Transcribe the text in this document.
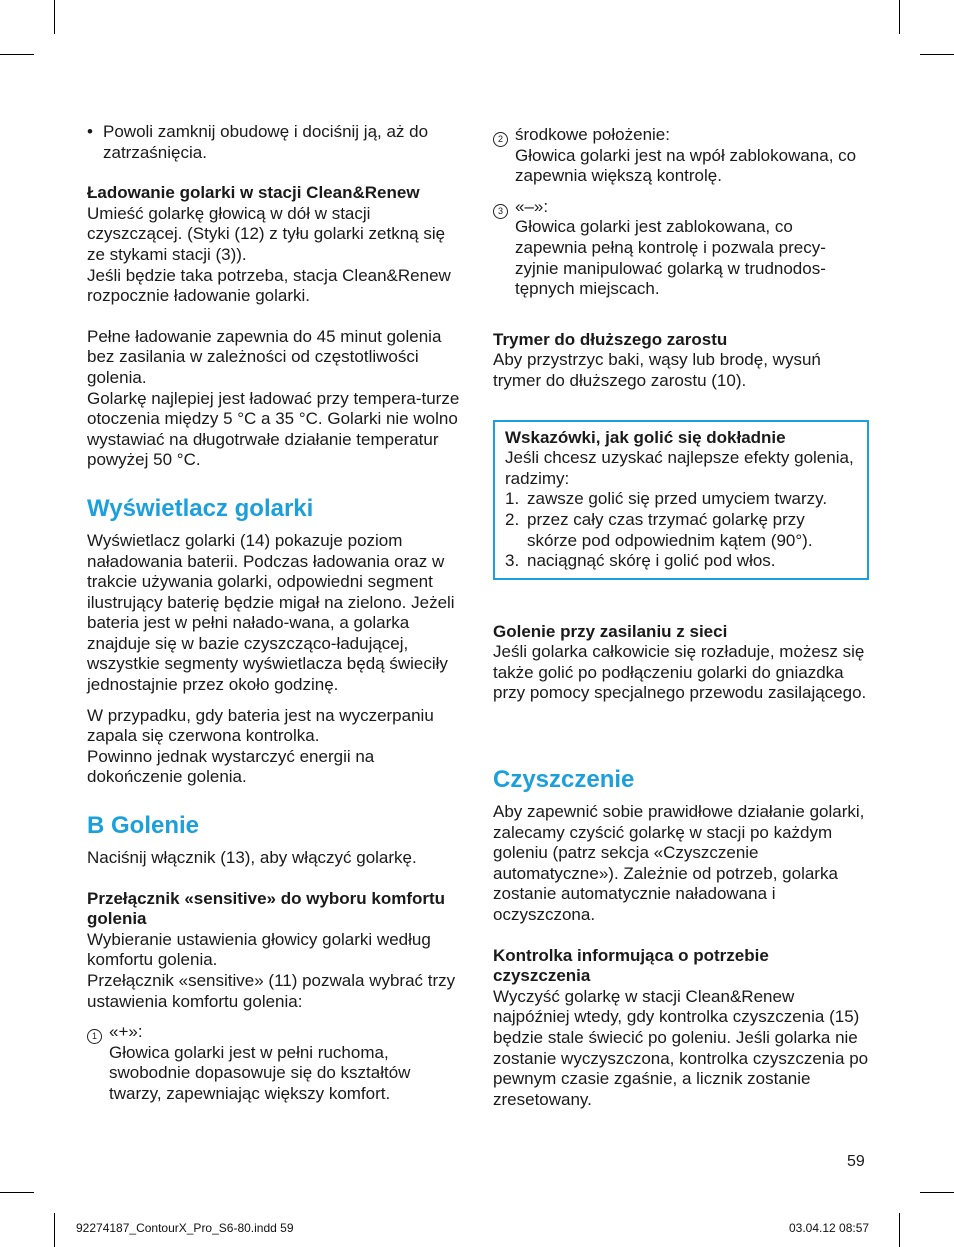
• Powoli zamknij obudowę i dociśnij ją, aż do zatrzaśnięcia.

Ładowanie golarki w stacji Clean&Renew

Umieść golarkę głowicą w dół w stacji czyszczącej. (Styki (12) z tyłu golarki zetkną się ze stykami stacji (3)).

Jeśli będzie taka potrzeba, stacja Clean&Renew rozpocznie ładowanie golarki.

Pełne ładowanie zapewnia do 45 minut golenia bez zasilania w zależności od częstotliwości golenia.

Golarkę najlepiej jest ładować przy tempera-turze otoczenia między 5 °C a 35 °C. Golarki nie wolno wystawiać na długotrwałe działanie temperatur powyżej 50 °C.

Wyświetlacz golarki

Wyświetlacz golarki (14) pokazuje poziom naładowania baterii. Podczas ładowania oraz w trakcie używania golarki, odpowiedni segment ilustrujący baterię będzie migał na zielono. Jeżeli bateria jest w pełni nałado-wana, a golarka znajduje się w bazie czyszcząco-ładującej, wszystkie segmenty wyświetlacza będą świeciły jednostajnie przez około godzinę.

W przypadku, gdy bateria jest na wyczerpaniu zapala się czerwona kontrolka.

Powinno jednak wystarczyć energii na dokończenie golenia.

B Golenie

Naciśnij włącznik (13), aby włączyć golarkę.

Przełącznik «sensitive» do wyboru komfortu golenia

Wybieranie ustawienia głowicy golarki według komfortu golenia.

Przełącznik «sensitive» (11) pozwala wybrać trzy ustawienia komfortu golenia:

1 «+»:

Głowica golarki jest w pełni ruchoma, swobodnie dopasowuje się do kształtów twarzy, zapewniając większy komfort.

2 środkowe położenie:

Głowica golarki jest na wpół zablokowana, co zapewnia większą kontrolę.

3 «–»:

Głowica golarki jest zablokowana, co zapewnia pełną kontrolę i pozwala precy-zyjnie manipulować golarką w trudnodos-tępnych miejscach.

Trymer do dłuższego zarostu

Aby przystrzyc baki, wąsy lub brodę, wysuń trymer do dłuższego zarostu (10).

Wskazówki, jak golić się dokładnie

Jeśli chcesz uzyskać najlepsze efekty golenia, radzimy:

1. zawsze golić się przed umyciem twarzy.
2. przez cały czas trzymać golarkę przy skórze pod odpowiednim kątem (90°).
3. naciągnąć skórę i golić pod włos.

Golenie przy zasilaniu z sieci

Jeśli golarka całkowicie się rozładuje, możesz się także golić po podłączeniu golarki do gniazdka przy pomocy specjalnego przewodu zasilającego.

Czyszczenie

Aby zapewnić sobie prawidłowe działanie golarki, zalecamy czyścić golarkę w stacji po każdym goleniu (patrz sekcja «Czyszczenie automatyczne»). Zależnie od potrzeb, golarka zostanie automatycznie naładowana i oczyszczona.

Kontrolka informująca o potrzebie czyszczenia

Wyczyść golarkę w stacji Clean&Renew najpóźniej wtedy, gdy kontrolka czyszczenia (15) będzie stale świecić po goleniu. Jeśli golarka nie zostanie wyczyszczona, kontrolka czyszczenia po pewnym czasie zgaśnie, a licznik zostanie zresetowany.

59
92274187_ContourX_Pro_S6-80.indd 59	03.04.12 08:57
